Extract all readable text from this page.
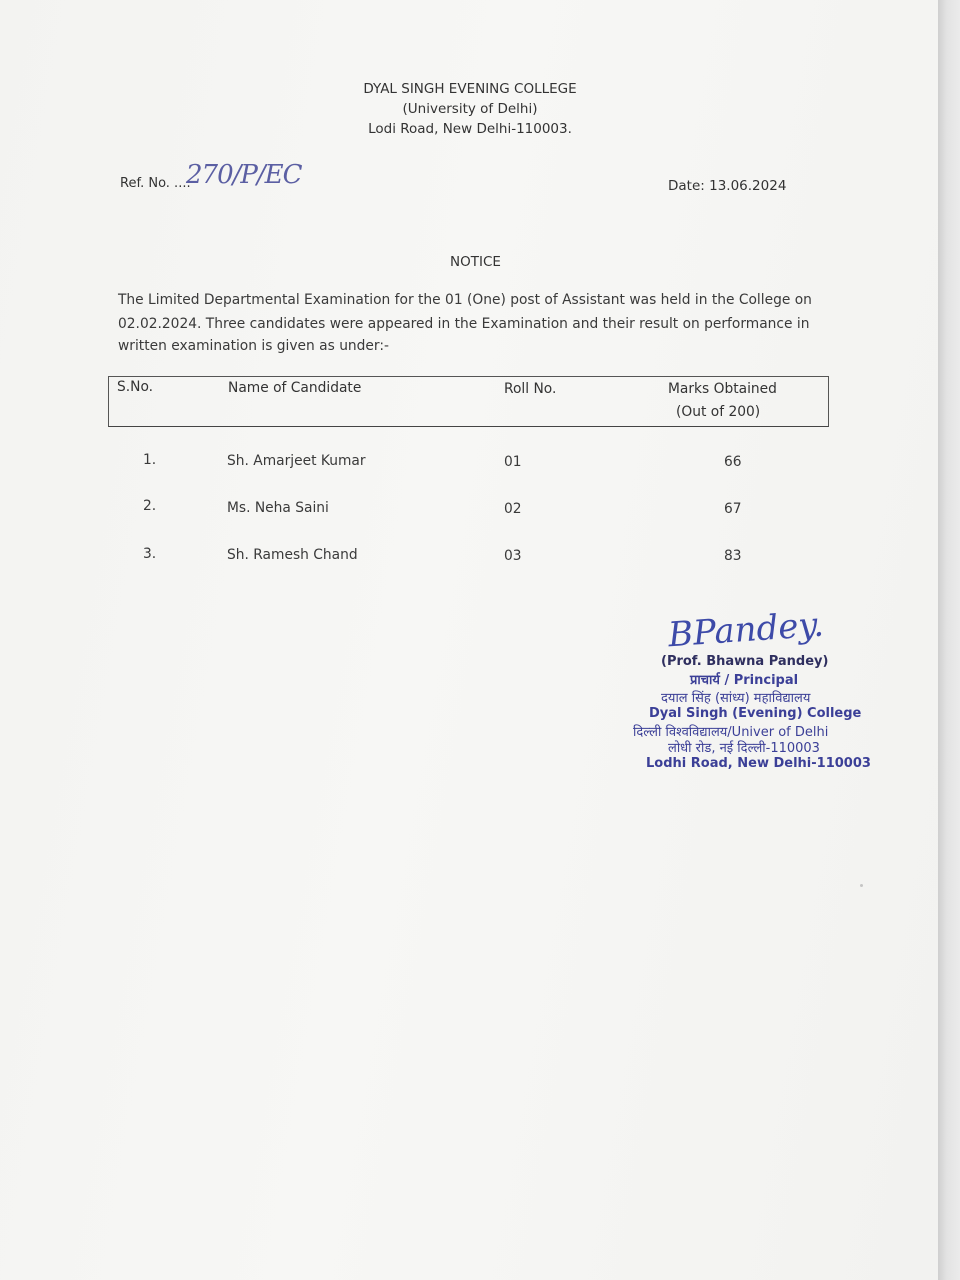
DYAL SINGH EVENING COLLEGE
(University of Delhi)
Lodi Road, New Delhi-110003.
Ref. No. ....
270/P/EC	Date: 13.06.2024
NOTICE
The Limited Departmental Examination for the 01 (One) post of Assistant was held in the College on
02.02.2024. Three candidates were appeared in the Examination and their result on performance in
written examination is given as under:-
S.No.	Name of Candidate	Roll No.	Marks Obtained
(Out of 200)
1.	Sh. Amarjeet Kumar	01	66
2.	Ms. Neha Saini	02	67
3.	Sh. Ramesh Chand	03	83
BPandey.
(Prof. Bhawna Pandey)
प्राचार्य / Principal
दयाल सिंह (सांध्य) महाविद्यालय
Dyal Singh (Evening) College
दिल्ली विश्वविद्यालय/Univer of Delhi
लोधी रोड, नई दिल्ली-110003
Lodhi Road, New Delhi-110003
